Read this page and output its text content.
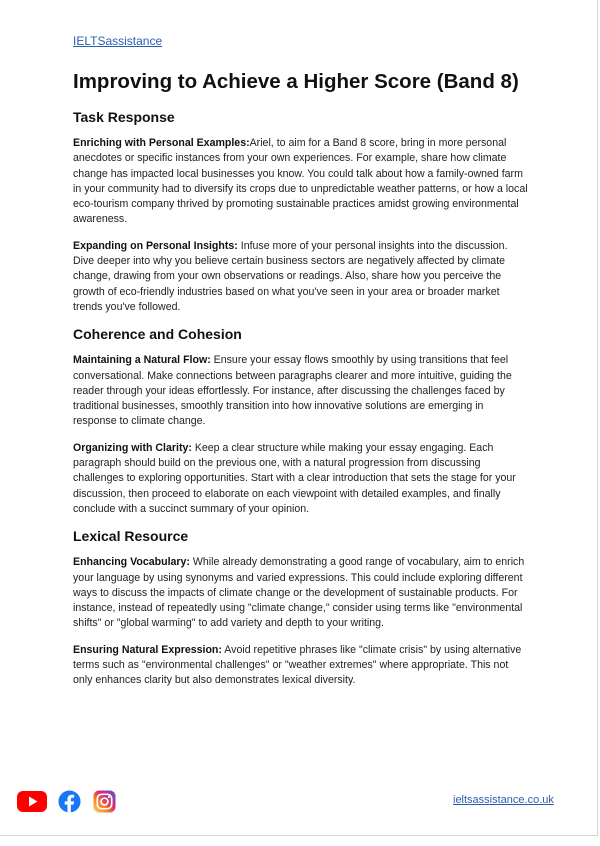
IELTSassistance
Improving to Achieve a Higher Score (Band 8)
Task Response

Enriching with Personal Examples:Ariel, to aim for a Band 8 score, bring in more personal anecdotes or specific instances from your own experiences. For example, share how climate change has impacted local businesses you know. You could talk about how a family-owned farm in your community had to diversify its crops due to unpredictable weather patterns, or how a local eco-tourism company thrived by promoting sustainable practices amidst growing environmental awareness.

Expanding on Personal Insights: Infuse more of your personal insights into the discussion. Dive deeper into why you believe certain business sectors are negatively affected by climate change, drawing from your own observations or readings. Also, share how you perceive the growth of eco-friendly industries based on what you've seen in your area or broader market trends you've followed.

Coherence and Cohesion

Maintaining a Natural Flow: Ensure your essay flows smoothly by using transitions that feel conversational. Make connections between paragraphs clearer and more intuitive, guiding the reader through your ideas effortlessly. For instance, after discussing the challenges faced by traditional businesses, smoothly transition into how innovative solutions are emerging in response to climate change.

Organizing with Clarity: Keep a clear structure while making your essay engaging. Each paragraph should build on the previous one, with a natural progression from discussing challenges to exploring opportunities. Start with a clear introduction that sets the stage for your discussion, then proceed to elaborate on each viewpoint with detailed examples, and finally conclude with a succinct summary of your opinion.

Lexical Resource

Enhancing Vocabulary: While already demonstrating a good range of vocabulary, aim to enrich your language by using synonyms and varied expressions. This could include exploring different ways to discuss the impacts of climate change or the development of sustainable products. For instance, instead of repeatedly using "climate change," consider using terms like "environmental shifts" or "global warming" to add variety and depth to your writing.

Ensuring Natural Expression: Avoid repetitive phrases like "climate crisis" by using alternative terms such as "environmental challenges" or "weather extremes" where appropriate. This not only enhances clarity but also demonstrates lexical diversity.

ieltsassistance.co.uk
